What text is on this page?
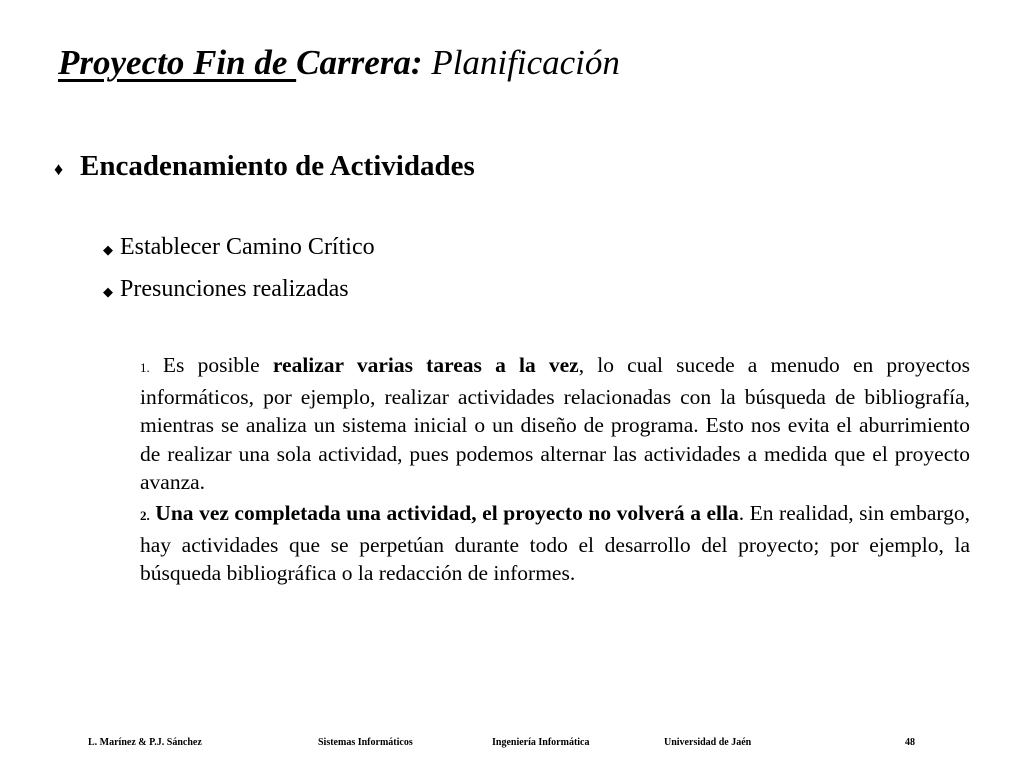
Proyecto Fin de Carrera: Planificación
♦ Encadenamiento de Actividades
◆ Establecer Camino Crítico
◆ Presunciones realizadas
1. Es posible realizar varias tareas a la vez, lo cual sucede a menudo en proyectos informáticos, por ejemplo, realizar actividades relacionadas con la búsqueda de bibliografía, mientras se analiza un sistema inicial o un diseño de programa. Esto nos evita el aburrimiento de realizar una sola actividad, pues podemos alternar las actividades a medida que el proyecto avanza.
2. Una vez completada una actividad, el proyecto no volverá a ella. En realidad, sin embargo, hay actividades que se perpetúan durante todo el desarrollo del proyecto; por ejemplo, la búsqueda bibliográfica o la redacción de informes.
L. Marínez & P.J. Sánchez	Sistemas Informáticos	Ingeniería Informática	Universidad de Jaén	48
